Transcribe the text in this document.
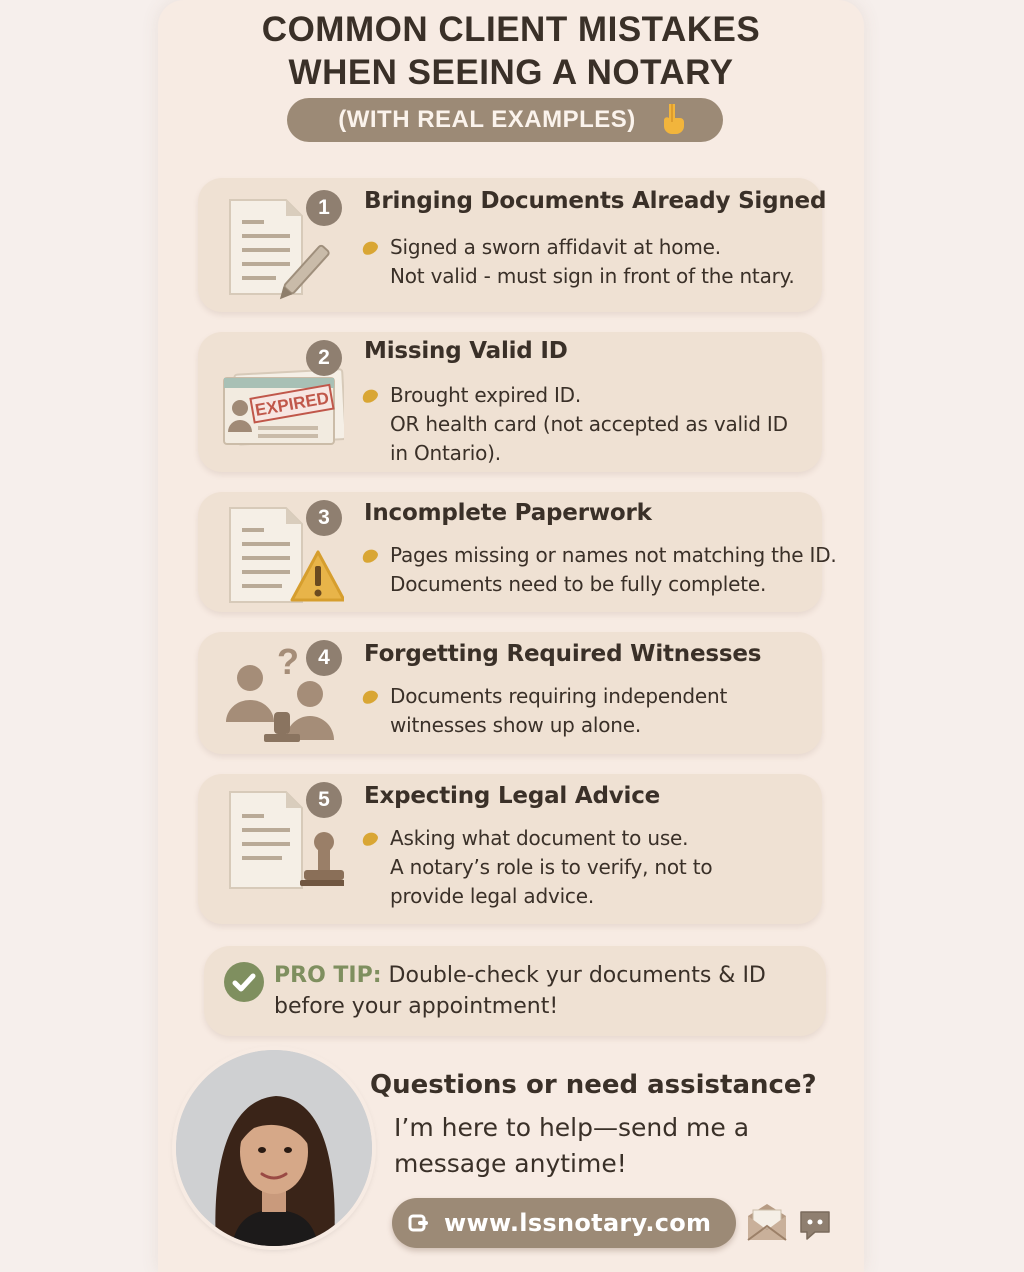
COMMON CLIENT MISTAKES
WHEN SEEING A NOTARY
(WITH REAL EXAMPLES)
1	Bringing Documents Already Signed
Signed a sworn affidavit at home.
Not valid - must sign in front of the ntary.
EXPIRED
2	Missing Valid ID
Brought expired ID.
OR health card (not accepted as valid ID
in Ontario).
3	Incomplete Paperwork
Pages missing or names not matching the ID.
Documents need to be fully complete.
? 4	Forgetting Required Witnesses
Documents requiring independent
witnesses show up alone.
5	Expecting Legal Advice
Asking what document to use.
A notary’s role is to verify, not to
provide legal advice.
PRO TIP: Double-check yur documents & ID
before your appointment!
Questions or need assistance?
I’m here to help—send me a
message anytime!
www.lssnotary.com
